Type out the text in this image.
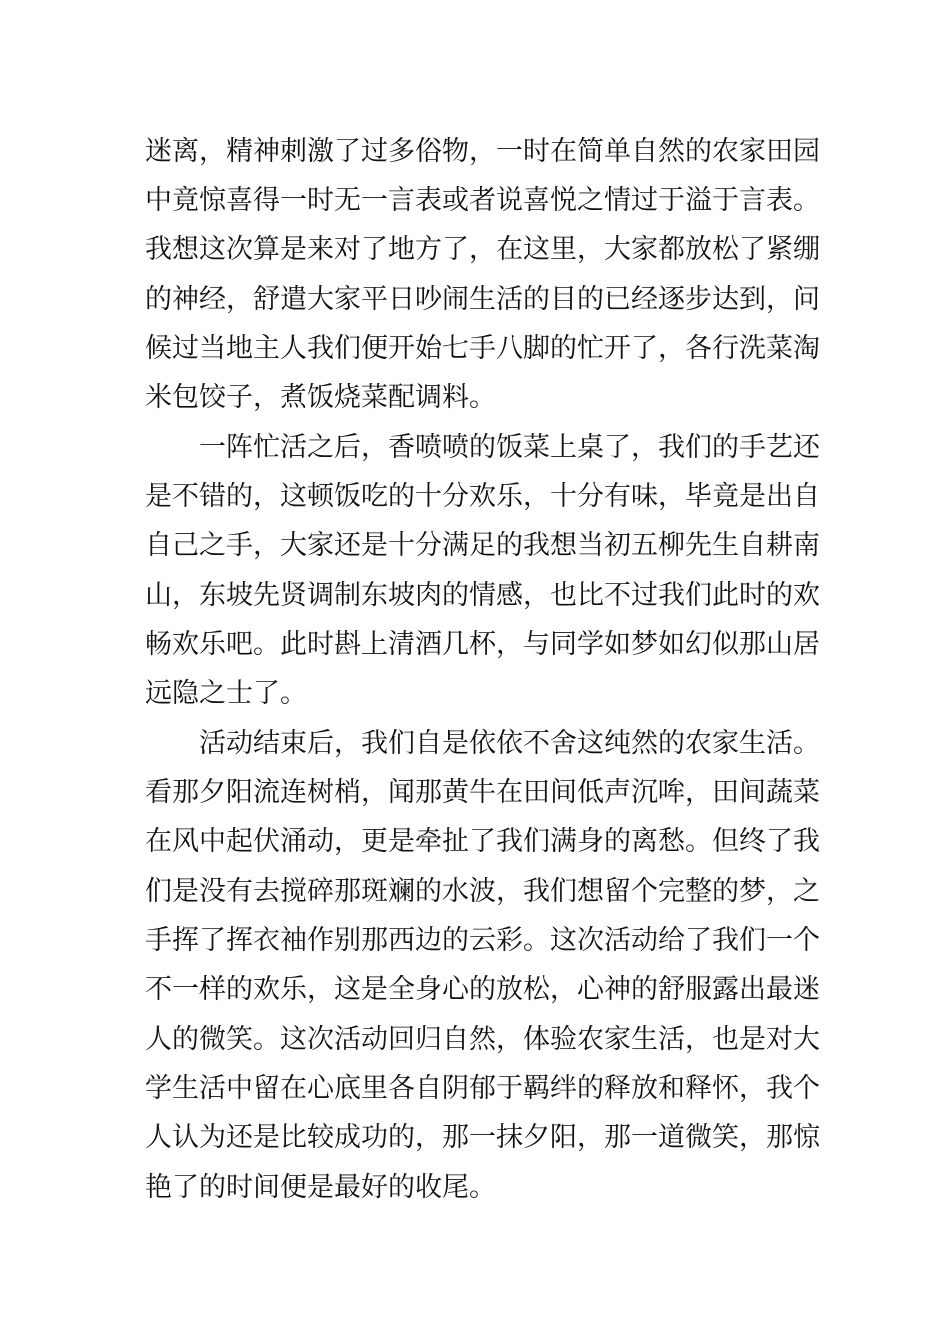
迷离，精神刺激了过多俗物，一时在简单自然的农家田园
中竟惊喜得一时无一言表或者说喜悦之情过于溢于言表。
我想这次算是来对了地方了，在这里，大家都放松了紧绷
的神经，舒遣大家平日吵闹生活的目的已经逐步达到，问
候过当地主人我们便开始七手八脚的忙开了，各行洗菜淘
米包饺子，煮饭烧菜配调料。
一阵忙活之后，香喷喷的饭菜上桌了，我们的手艺还
是不错的，这顿饭吃的十分欢乐，十分有味，毕竟是出自
自己之手，大家还是十分满足的我想当初五柳先生自耕南
山，东坡先贤调制东坡肉的情感，也比不过我们此时的欢
畅欢乐吧。此时斟上清酒几杯，与同学如梦如幻似那山居
远隐之士了。
活动结束后，我们自是依依不舍这纯然的农家生活。
看那夕阳流连树梢，闻那黄牛在田间低声沉哞，田间蔬菜
在风中起伏涌动，更是牵扯了我们满身的离愁。但终了我
们是没有去搅碎那斑斓的水波，我们想留个完整的梦，之
手挥了挥衣袖作别那西边的云彩。这次活动给了我们一个
不一样的欢乐，这是全身心的放松，心神的舒服露出最迷
人的微笑。这次活动回归自然，体验农家生活，也是对大
学生活中留在心底里各自阴郁于羁绊的释放和释怀，我个
人认为还是比较成功的，那一抹夕阳，那一道微笑，那惊
艳了的时间便是最好的收尾。
